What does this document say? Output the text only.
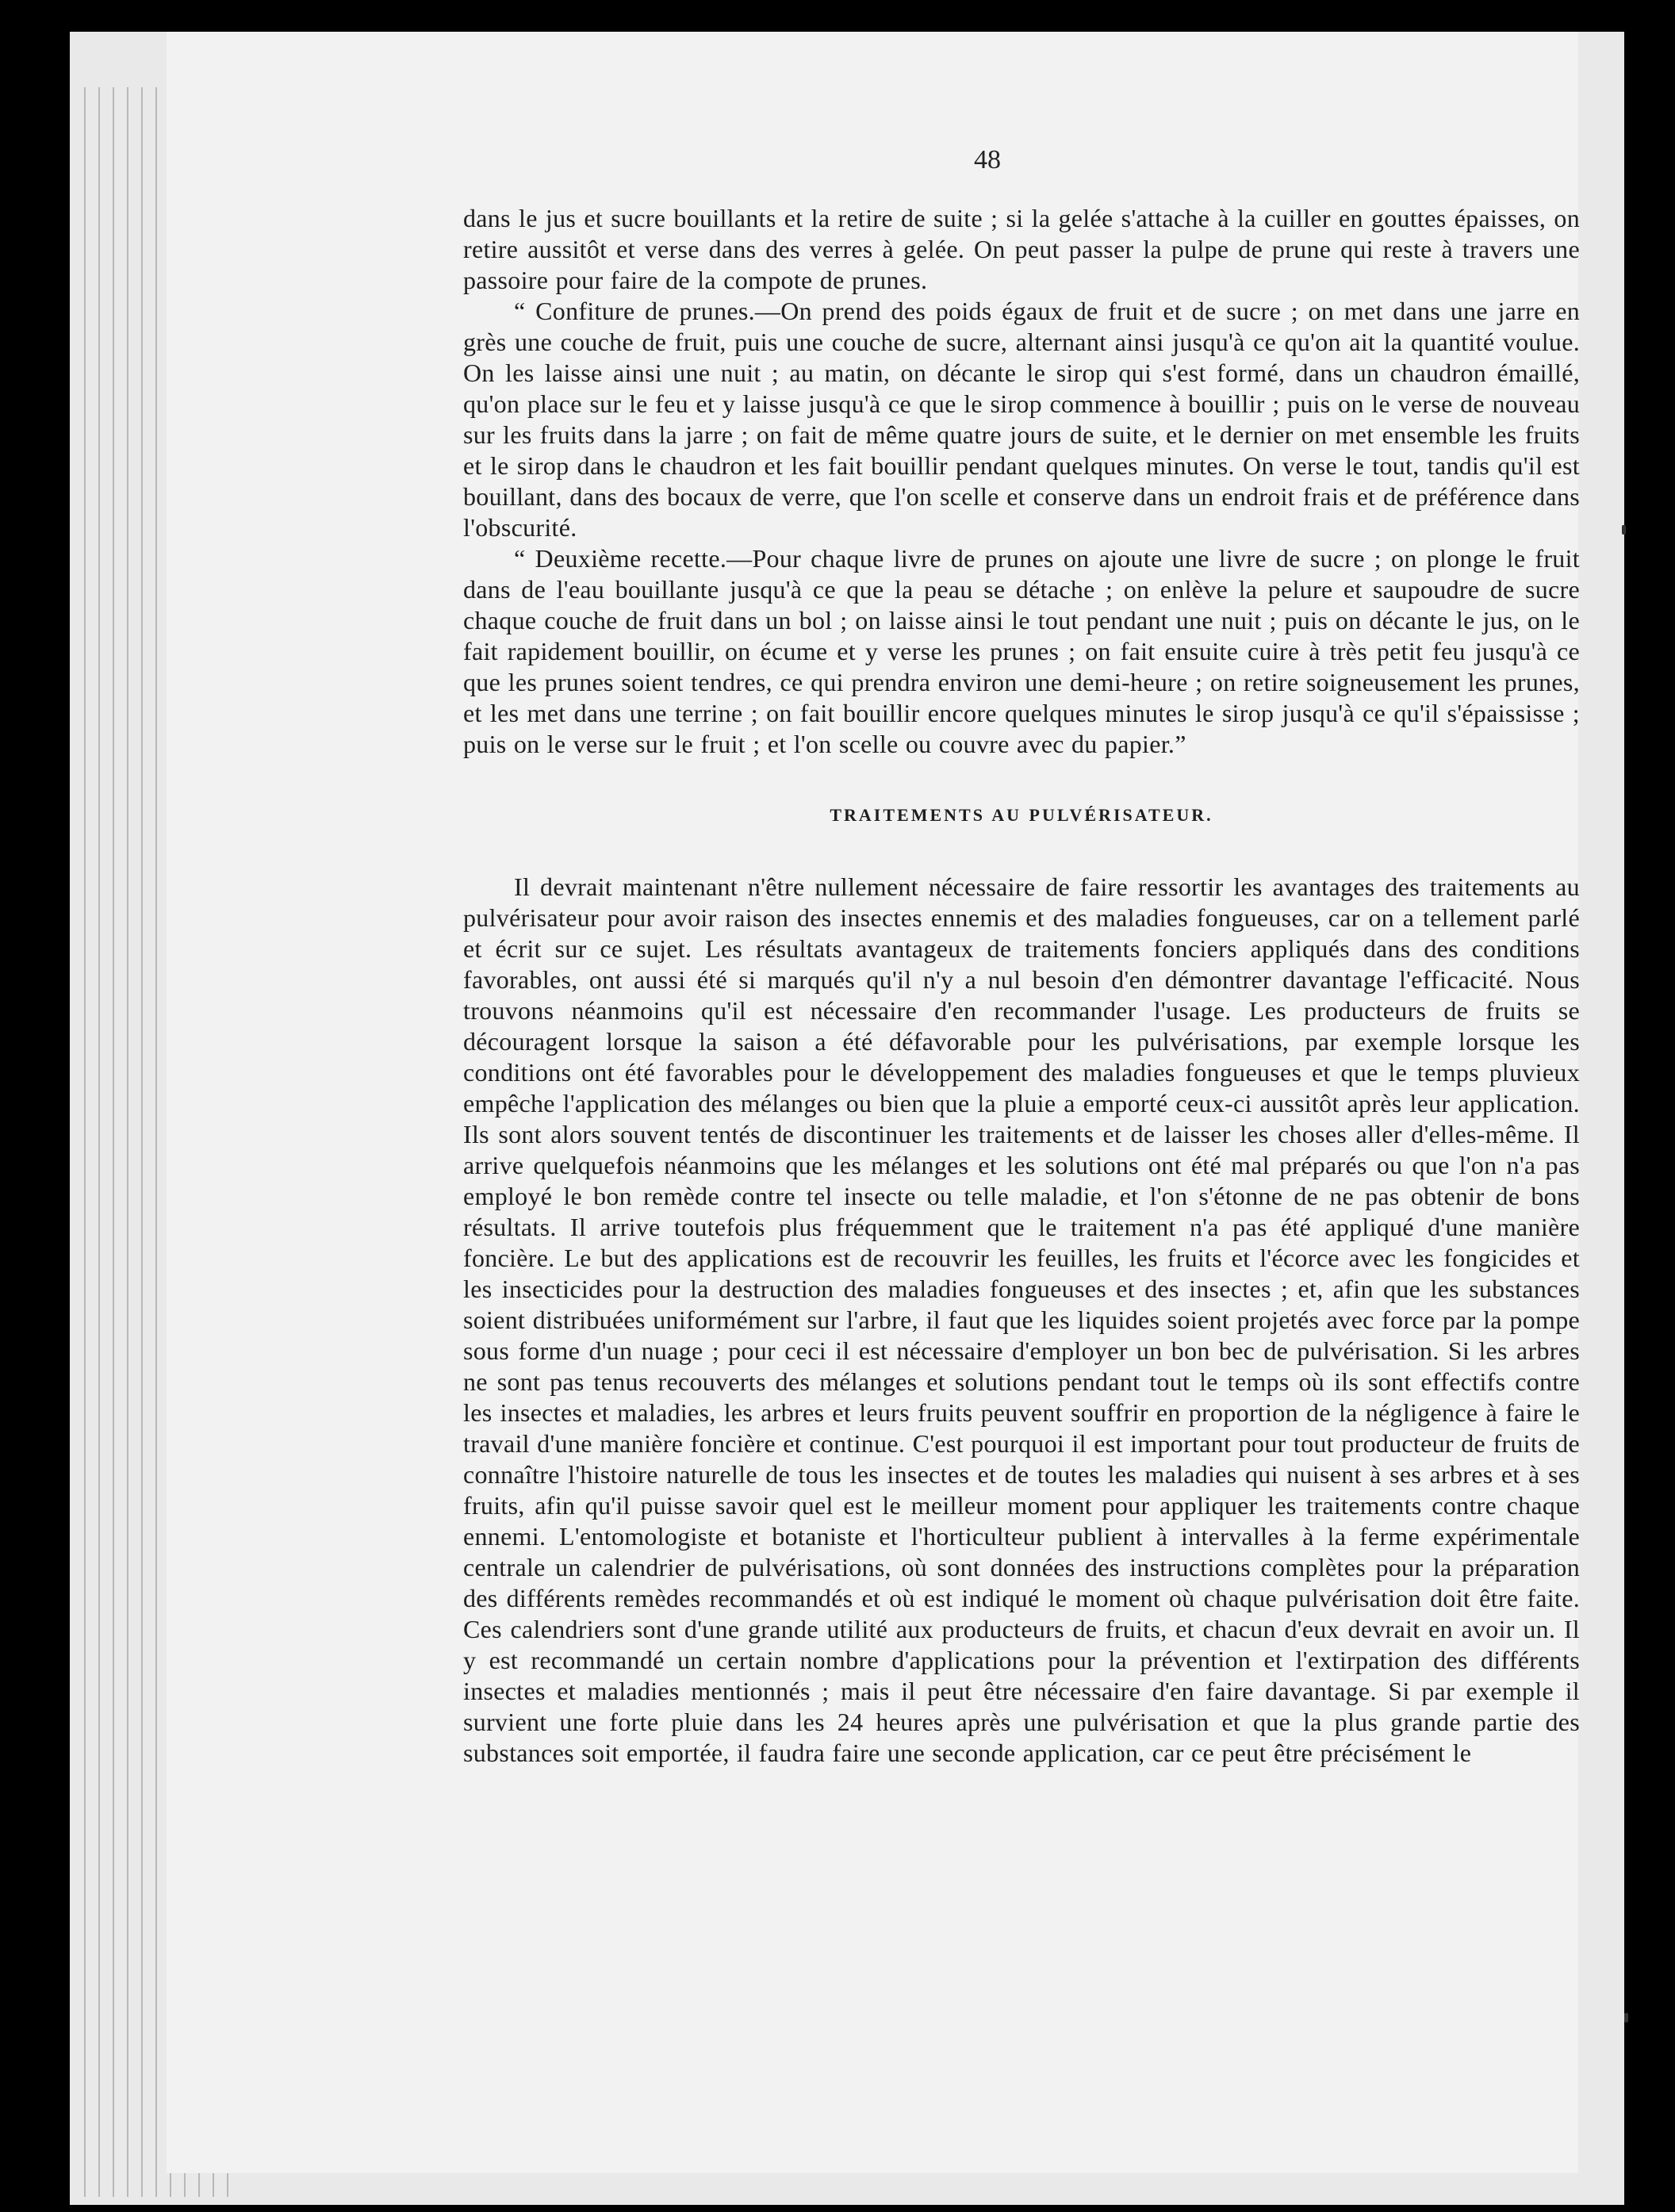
48

dans le jus et sucre bouillants et la retire de suite ; si la gelée s'attache à la cuiller en gouttes épaisses, on retire aussitôt et verse dans des verres à gelée. On peut passer la pulpe de prune qui reste à travers une passoire pour faire de la compote de prunes.

“ Confiture de prunes.—On prend des poids égaux de fruit et de sucre ; on met dans une jarre en grès une couche de fruit, puis une couche de sucre, alternant ainsi jusqu'à ce qu'on ait la quantité voulue. On les laisse ainsi une nuit ; au matin, on décante le sirop qui s'est formé, dans un chaudron émaillé, qu'on place sur le feu et y laisse jusqu'à ce que le sirop commence à bouillir ; puis on le verse de nouveau sur les fruits dans la jarre ; on fait de même quatre jours de suite, et le dernier on met ensemble les fruits et le sirop dans le chaudron et les fait bouillir pendant quelques minutes. On verse le tout, tandis qu'il est bouillant, dans des bocaux de verre, que l'on scelle et conserve dans un endroit frais et de préférence dans l'obscurité.

“ Deuxième recette.—Pour chaque livre de prunes on ajoute une livre de sucre ; on plonge le fruit dans de l'eau bouillante jusqu'à ce que la peau se détache ; on enlève la pelure et saupoudre de sucre chaque couche de fruit dans un bol ; on laisse ainsi le tout pendant une nuit ; puis on décante le jus, on le fait rapidement bouillir, on écume et y verse les prunes ; on fait ensuite cuire à très petit feu jusqu'à ce que les prunes soient tendres, ce qui prendra environ une demi-heure ; on retire soigneusement les prunes, et les met dans une terrine ; on fait bouillir encore quelques minutes le sirop jusqu'à ce qu'il s'épaississe ; puis on le verse sur le fruit ; et l'on scelle ou couvre avec du papier.”

TRAITEMENTS AU PULVÉRISATEUR.

Il devrait maintenant n'être nullement nécessaire de faire ressortir les avantages des traitements au pulvérisateur pour avoir raison des insectes ennemis et des maladies fongueuses, car on a tellement parlé et écrit sur ce sujet. Les résultats avantageux de traitements fonciers appliqués dans des conditions favorables, ont aussi été si marqués qu'il n'y a nul besoin d'en démontrer davantage l'efficacité. Nous trouvons néanmoins qu'il est nécessaire d'en recommander l'usage. Les producteurs de fruits se découragent lorsque la saison a été défavorable pour les pulvérisations, par exemple lorsque les conditions ont été favorables pour le développement des maladies fongueuses et que le temps pluvieux empêche l'application des mélanges ou bien que la pluie a emporté ceux-ci aussitôt après leur application. Ils sont alors souvent tentés de discontinuer les traitements et de laisser les choses aller d'elles-même. Il arrive quelquefois néanmoins que les mélanges et les solutions ont été mal préparés ou que l'on n'a pas employé le bon remède contre tel insecte ou telle maladie, et l'on s'étonne de ne pas obtenir de bons résultats. Il arrive toutefois plus fréquemment que le traitement n'a pas été appliqué d'une manière foncière. Le but des applications est de recouvrir les feuilles, les fruits et l'écorce avec les fongicides et les insecticides pour la destruction des maladies fongueuses et des insectes ; et, afin que les substances soient distribuées uniformément sur l'arbre, il faut que les liquides soient projetés avec force par la pompe sous forme d'un nuage ; pour ceci il est nécessaire d'employer un bon bec de pulvérisation. Si les arbres ne sont pas tenus recouverts des mélanges et solutions pendant tout le temps où ils sont effectifs contre les insectes et maladies, les arbres et leurs fruits peuvent souffrir en proportion de la négligence à faire le travail d'une manière foncière et continue. C'est pourquoi il est important pour tout producteur de fruits de connaître l'histoire naturelle de tous les insectes et de toutes les maladies qui nuisent à ses arbres et à ses fruits, afin qu'il puisse savoir quel est le meilleur moment pour appliquer les traitements contre chaque ennemi. L'entomologiste et botaniste et l'horticulteur publient à intervalles à la ferme expérimentale centrale un calendrier de pulvérisations, où sont données des instructions complètes pour la préparation des différents remèdes recommandés et où est indiqué le moment où chaque pulvérisation doit être faite. Ces calendriers sont d'une grande utilité aux producteurs de fruits, et chacun d'eux devrait en avoir un. Il y est recommandé un certain nombre d'applications pour la prévention et l'extirpation des différents insectes et maladies mentionnés ; mais il peut être nécessaire d'en faire davantage. Si par exemple il survient une forte pluie dans les 24 heures après une pulvérisation et que la plus grande partie des substances soit emportée, il faudra faire une seconde application, car ce peut être précisément le
